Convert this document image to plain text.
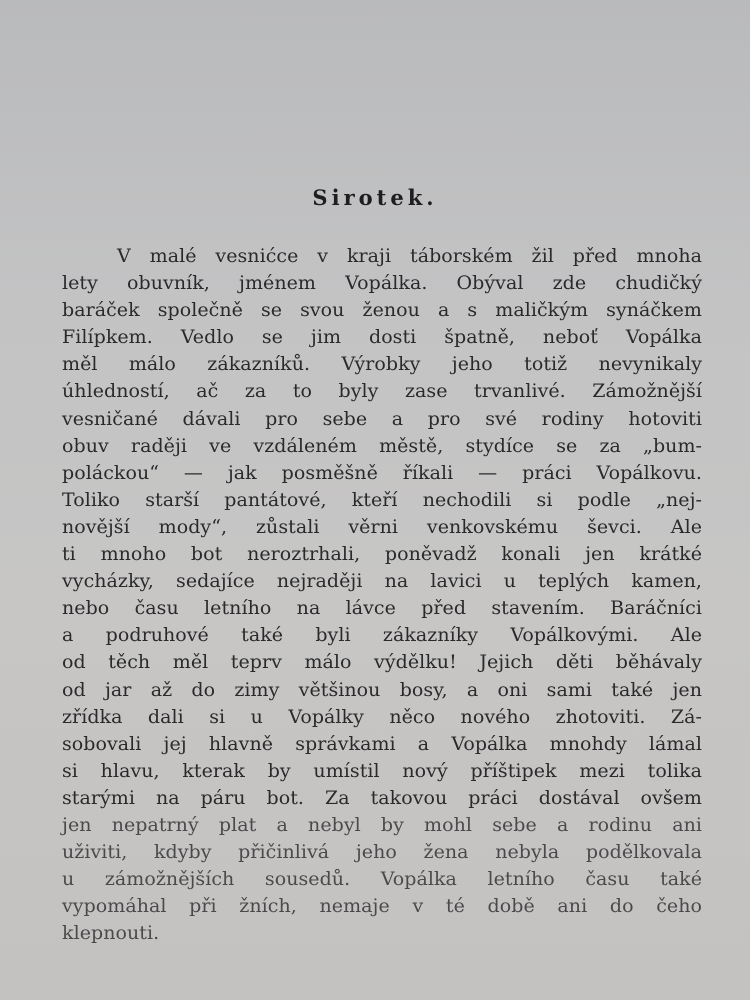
Sirotek.
V malé vesnićce v kraji táborském žil před mnoha
lety obuvník, jménem Vopálka. Obýval zde chudičký
baráček společně se svou ženou a s maličkým synáčkem
Filípkem. Vedlo se jim dosti špatně, neboť Vopálka
měl málo zákazníků. Výrobky jeho totiž nevynikaly
úhledností, ač za to byly zase trvanlivé. Zámožnější
vesničané dávali pro sebe a pro své rodiny hotoviti
obuv raději ve vzdáleném městě, stydíce se za „bum-
poláckou“ — jak posměšně říkali — práci Vopálkovu.
Toliko starší pantátové, kteří nechodili si podle „nej-
novější mody“, zůstali věrni venkovskému ševci. Ale
ti mnoho bot neroztrhali, poněvadž konali jen krátké
vycházky, sedajíce nejraději na lavici u teplých kamen,
nebo času letního na lávce před stavením. Baráčníci
a podruhové také byli zákazníky Vopálkovými. Ale
od těch měl teprv málo výdělku! Jejich děti běhávaly
od jar až do zimy většinou bosy, a oni sami také jen
zřídka dali si u Vopálky něco nového zhotoviti. Zá-
sobovali jej hlavně správkami a Vopálka mnohdy lámal
si hlavu, kterak by umístil nový příštipek mezi tolika
starými na páru bot. Za takovou práci dostával ovšem
jen nepatrný plat a nebyl by mohl sebe a rodinu ani
uživiti, kdyby přičinlivá jeho žena nebyla podělkovala
u zámožnějších sousedů. Vopálka letního času také
vypomáhal při žních, nemaje v té době ani do čeho
klepnouti.
